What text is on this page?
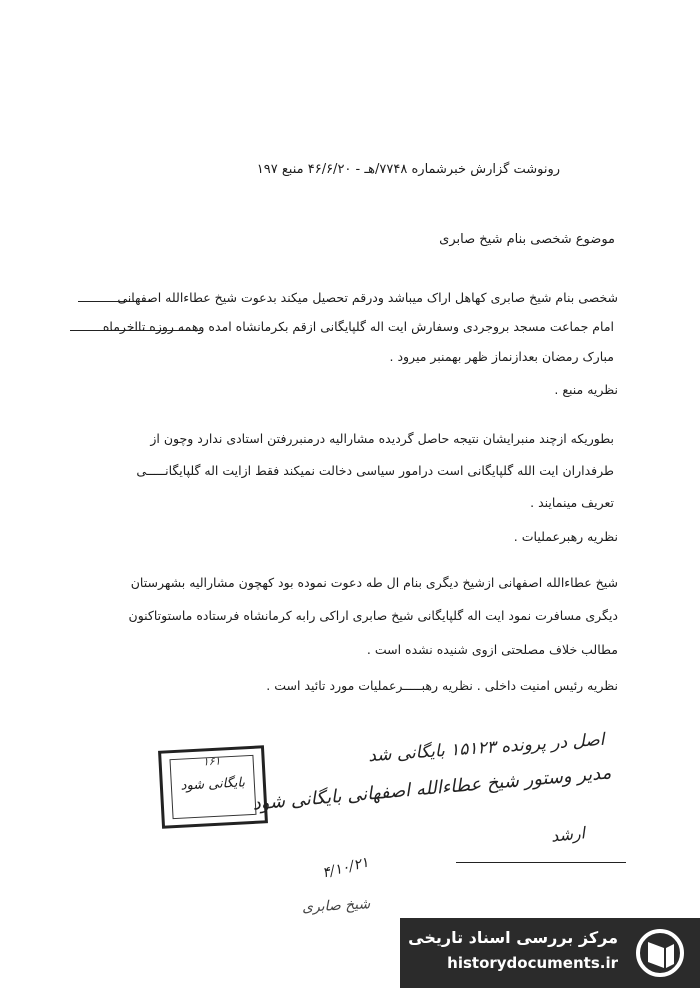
رونوشت گزارش خبرشماره ۷۷۴۸/هـ - ۴۶/۶/۲۰ منبع ۱۹۷
موضوع شخصی بنام شیخ صابری
شخصی بنام شیخ صابری کهاهل اراک میباشد ودرقم تحصیل میکند بدعوت شیخ عطاءالله اصفهانی
امام جماعت مسجد بروجردی وسفارش ایت اله گلپایگانی ازقم بکرمانشاه امده وهمه روزه تااخرماه
مبارک رمضان بعدازنماز ظهر بهمنبر میرود .
نظریه منبع .
بطوریکه ازچند منبرایشان نتیجه حاصل گردیده مشارالیه درمنبررفتن استادی ندارد وچون از
طرفداران ایت الله گلپایگانی است درامور سیاسی دخالت نمیکند فقط ازایت اله گلپایگانـــــی
تعریف مینمایند .
نظریه رهبرعملیات .
شیخ عطاءالله اصفهانی ازشیخ دیگری بنام ال طه دعوت نموده بود کهچون مشارالیه بشهرستان
دیگری مسافرت نمود ایت اله گلپایگانی شیخ صابری اراکی رابه کرمانشاه فرستاده ماستوتاکنون
مطالب خلاف مصلحتی ازوی شنیده نشده است .
نظریه رئیس امنیت داخلی . نظریه رهبـــــرعملیات مورد تائید است .
۱۶۱
بایگانی شود
اصل در پرونده ۱۵۱۲۳ بایگانی شد
مدیر وستور شیخ عطاءالله اصفهانی بایگانی شود
ارشد
۴/۱۰/۲۱
شیخ صابری
مرکز بررسی اسناد تاریخی
historydocuments.ir
